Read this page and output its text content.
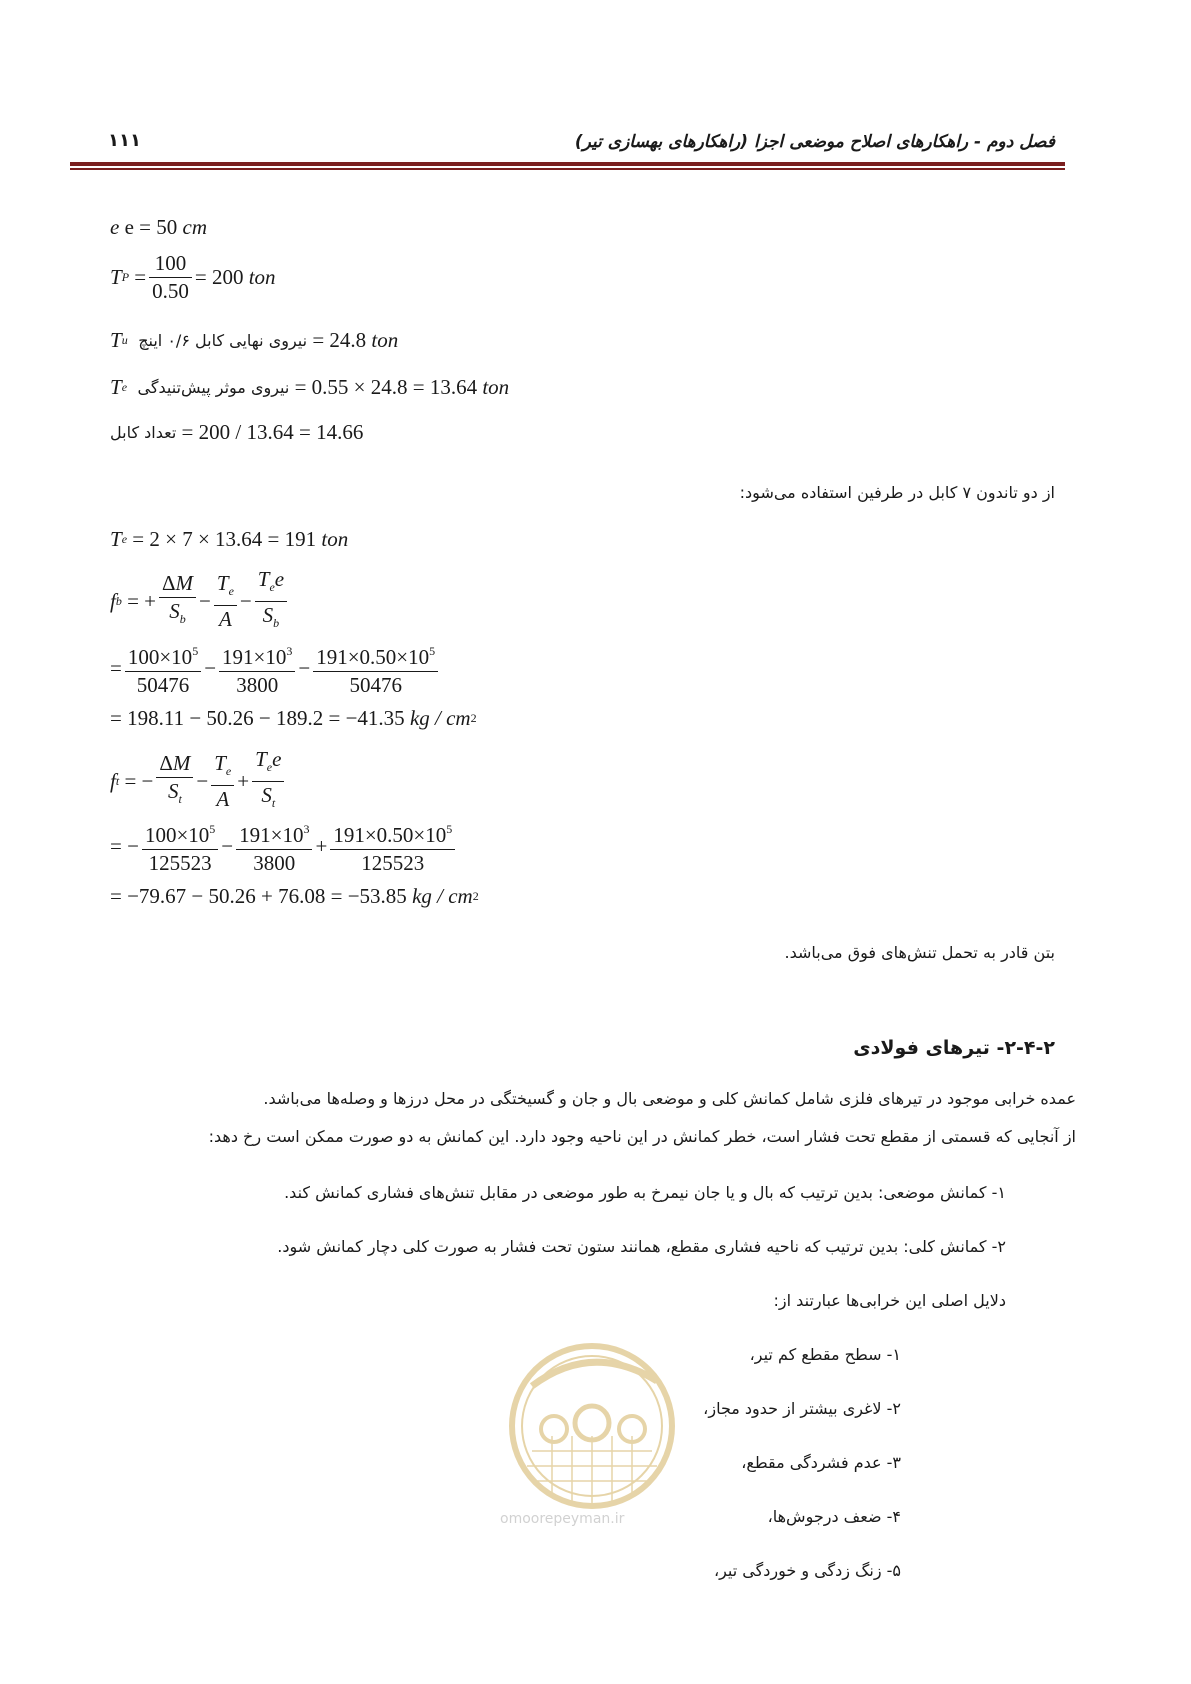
فصل دوم - راهکارهای اصلاح موضعی اجزا (راهکارهای بهسازی تیر)
۱۱۱
e
e = 50
cm
T $P = \frac{100}{0.50} = 200$
ton
T u
نیروی نهایی کابل ۰/۶ اینچ
= 24.8
ton
T e
نیروی موثر پیش‌تنیدگی
= 0.55 × 24.8 = 13.64
ton
تعداد کابل
= 200 / 13.64 = 14.66
از دو تاندون ۷ کابل در طرفین استفاده می‌شود:
T e
= 2 × 7 × 13.64 = 191
ton
f b = + $\frac{\Delta M}{S_b} - \frac{T_e}{A} - \frac{T_ee}{S_b}$
= $\frac{100\times 10^5}{50476} - \frac{191\times 10^3}{3800} - \frac{191\times 0.50\times 10^5}{50476}$
= 198.11 − 50.26 − 189.2 = −41.35
kg / cm 2
f t = − $\frac{\Delta M}{S_t} - \frac{T_e}{A} + \frac{T_ee}{S_t}$
= − $\frac{100\times 10^5}{125523} - \frac{191\times 10^3}{3800} + \frac{191\times 0.50\times 10^5}{125523}$
= −79.67 − 50.26 + 76.08 = −53.85
kg / cm 2
بتن قادر به تحمل تنش‌های فوق می‌باشد.
۲-۴-۲- تیرهای فولادی
عمده خرابی موجود در تیرهای فلزی شامل کمانش کلی و موضعی بال و جان و گسیختگی در محل درزها و وصله‌ها می‌باشد.
از آنجایی که قسمتی از مقطع تحت فشار است، خطر کمانش در این ناحیه وجود دارد. این کمانش به دو صورت ممکن است رخ دهد:
۱- کمانش موضعی: بدین ترتیب که بال و یا جان نیمرخ به طور موضعی در مقابل تنش‌های فشاری کمانش کند.
۲- کمانش کلی: بدین ترتیب که ناحیه فشاری مقطع، همانند ستون تحت فشار به صورت کلی دچار کمانش شود.
دلایل اصلی این خرابی‌ها عبارتند از:
۱- سطح مقطع کم تیر،
۲- لاغری بیشتر از حدود مجاز،
۳- عدم فشردگی مقطع،
۴- ضعف درجوش‌ها،
۵- زنگ زدگی و خوردگی تیر،
omoorepeyman.ir
